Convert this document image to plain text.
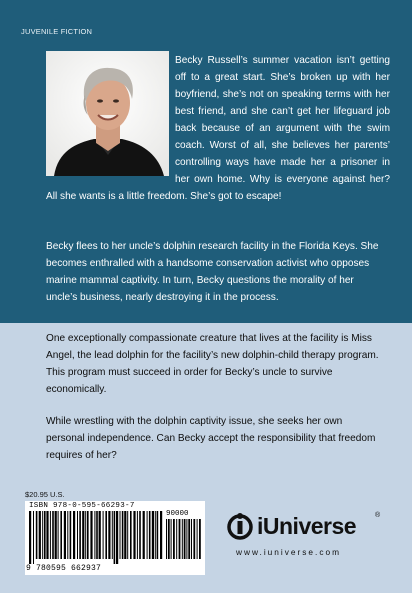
JUVENILE FICTION

Becky Russell’s summer vacation isn’t getting off to a great start. She’s broken up with her boyfriend, she’s not on speaking terms with her best friend, and she can’t get her lifeguard job back because of an argument with the swim coach. Worst of all, she believes her parents’ controlling ways have made her a prisoner in her own home. Why is everyone against her? All she wants is a little freedom. She’s got to escape!

Becky flees to her uncle’s dolphin research facility in the Florida Keys. She becomes enthralled with a handsome conservation activist who opposes marine mammal captivity. In turn, Becky questions the morality of her uncle’s business, nearly destroying it in the process.

One exceptionally compassionate creature that lives at the facility is Miss Angel, the lead dolphin for the facility’s new dolphin-child therapy program. This program must succeed in order for Becky’s uncle to survive economically.

While wrestling with the dolphin captivity issue, she seeks her own personal independence. Can Becky accept the responsibility that freedom requires of her?

$20.95 U.S.
ISBN 978-0-595-66293-7
9 780595 662937
90000	iUniverse	®
www.iuniverse.com
